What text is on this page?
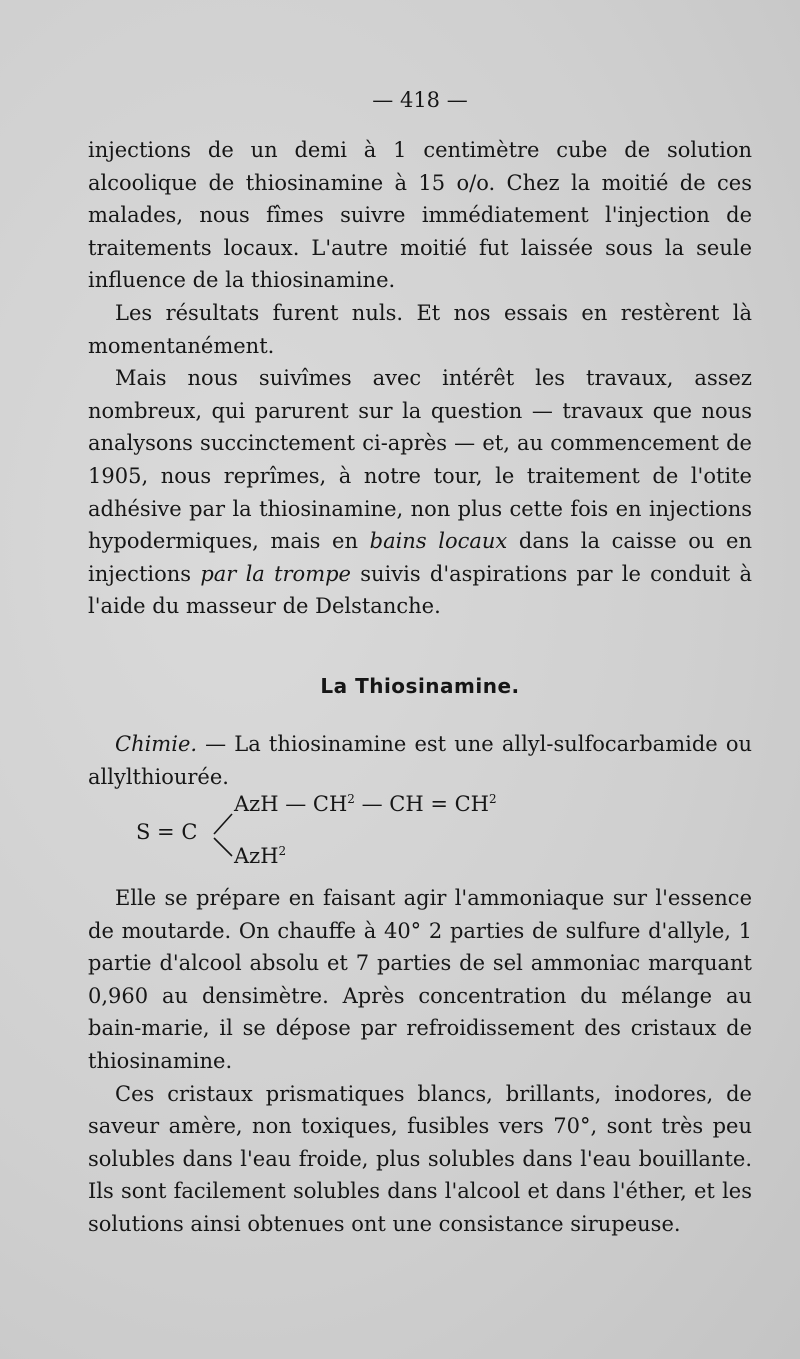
— 418 —

injections de un demi à 1 centimètre cube de solution alcoolique de thiosinamine à 15 o/o. Chez la moitié de ces malades, nous fîmes suivre immédiatement l'injection de traitements locaux. L'autre moitié fut laissée sous la seule influence de la thiosinamine.

Les résultats furent nuls. Et nos essais en restèrent là momentanément.

Mais nous suivîmes avec intérêt les travaux, assez nombreux, qui parurent sur la question — travaux que nous analysons succinctement ci-après — et, au commencement de 1905, nous reprîmes, à notre tour, le traitement de l'otite adhésive par la thiosinamine, non plus cette fois en injections hypodermiques, mais en bains locaux dans la caisse ou en injections par la trompe suivis d'aspirations par le conduit à l'aide du masseur de Delstanche.

La Thiosinamine.

Chimie. — La thiosinamine est une allyl-sulfocarbamide ou allylthiourée.

Elle se prépare en faisant agir l'ammoniaque sur l'essence de moutarde. On chauffe à 40° 2 parties de sulfure d'allyle, 1 partie d'alcool absolu et 7 parties de sel ammoniac marquant 0,960 au densimètre. Après concentration du mélange au bain-marie, il se dépose par refroidissement des cristaux de thiosinamine.

Ces cristaux prismatiques blancs, brillants, inodores, de saveur amère, non toxiques, fusibles vers 70°, sont très peu solubles dans l'eau froide, plus solubles dans l'eau bouillante. Ils sont facilement solubles dans l'alcool et dans l'éther, et les solutions ainsi obtenues ont une consistance sirupeuse.

S = C
AzH — $CH^2$ — CH = $CH^2$
AzH$^2$
